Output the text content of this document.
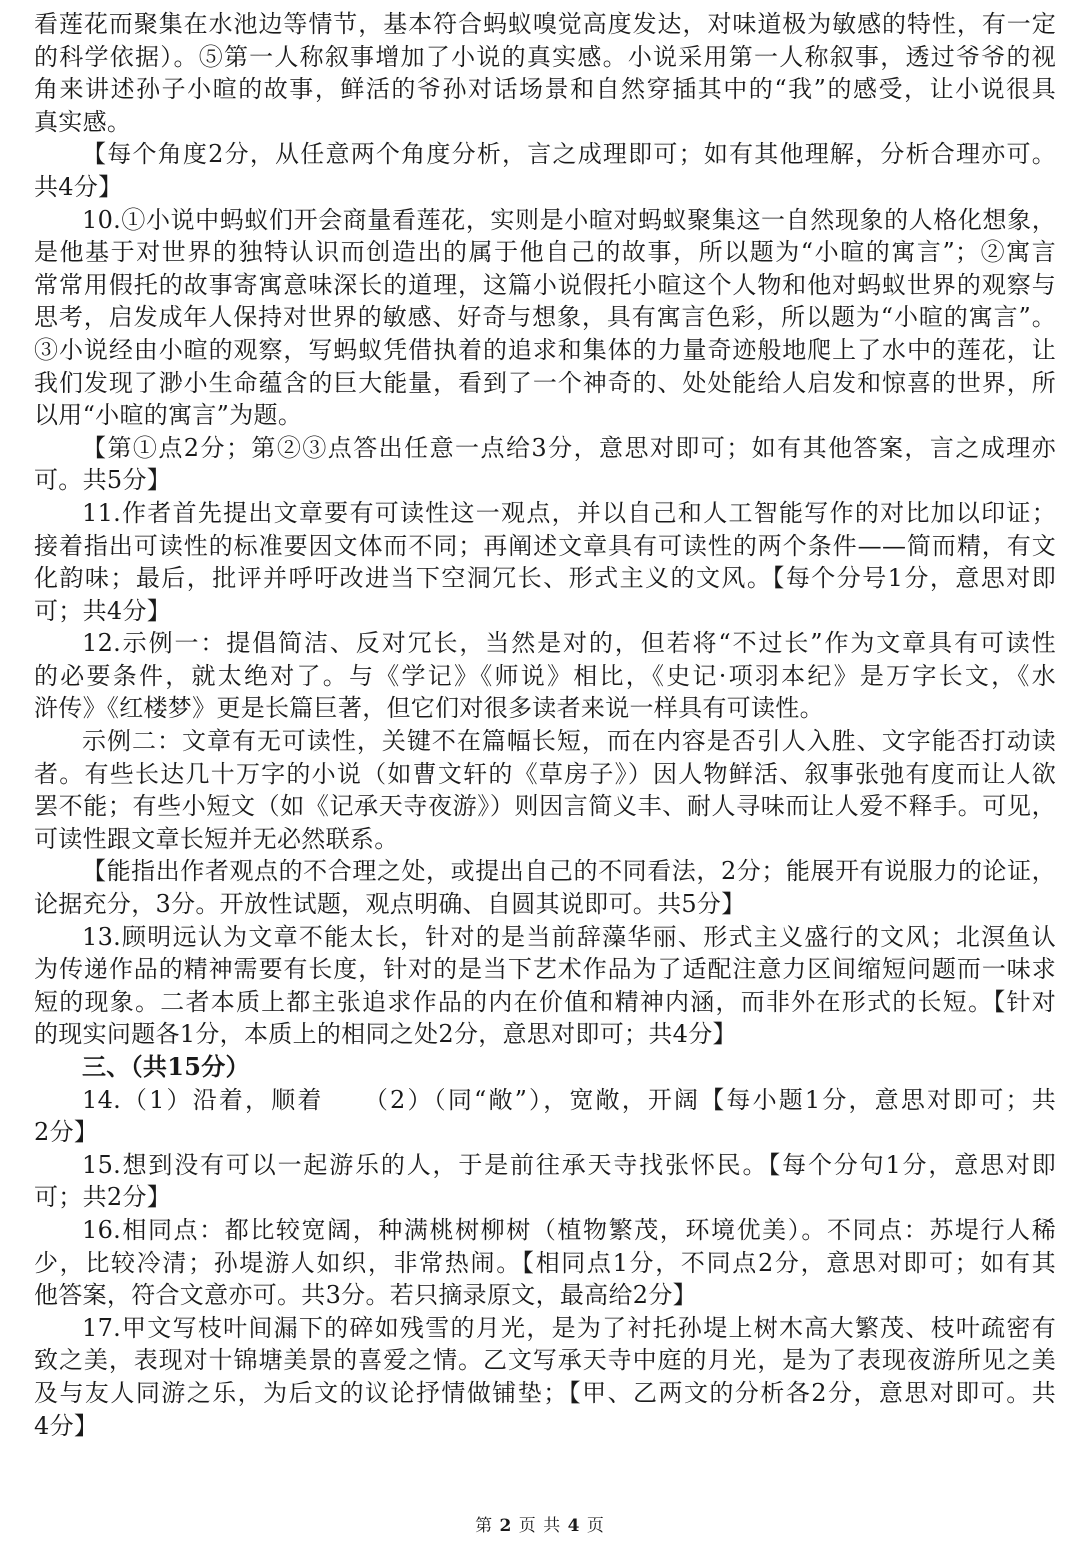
看莲花而聚集在水池边等情节，基本符合蚂蚁嗅觉高度发达，对味道极为敏感的特性，有一定
的科学依据）。⑤第一人称叙事增加了小说的真实感。小说采用第一人称叙事，透过爷爷的视
角来讲述孙子小暄的故事，鲜活的爷孙对话场景和自然穿插其中的“我”的感受，让小说很具
真实感。
【每个角度2分，从任意两个角度分析，言之成理即可；如有其他理解，分析合理亦可。
共4分】
10.①小说中蚂蚁们开会商量看莲花，实则是小暄对蚂蚁聚集这一自然现象的人格化想象，
是他基于对世界的独特认识而创造出的属于他自己的故事，所以题为“小暄的寓言”；②寓言
常常用假托的故事寄寓意味深长的道理，这篇小说假托小暄这个人物和他对蚂蚁世界的观察与
思考，启发成年人保持对世界的敏感、好奇与想象，具有寓言色彩，所以题为“小暄的寓言”。
③小说经由小暄的观察，写蚂蚁凭借执着的追求和集体的力量奇迹般地爬上了水中的莲花，让
我们发现了渺小生命蕴含的巨大能量，看到了一个神奇的、处处能给人启发和惊喜的世界，所
以用“小暄的寓言”为题。
【第①点2分；第②③点答出任意一点给3分，意思对即可；如有其他答案，言之成理亦
可。共5分】
11.作者首先提出文章要有可读性这一观点，并以自己和人工智能写作的对比加以印证；
接着指出可读性的标准要因文体而不同；再阐述文章具有可读性的两个条件——简而精，有文
化韵味；最后，批评并呼吁改进当下空洞冗长、形式主义的文风。【每个分号1分，意思对即
可；共4分】
12.示例一：提倡简洁、反对冗长，当然是对的，但若将“不过长”作为文章具有可读性
的必要条件，就太绝对了。与《学记》《师说》相比，《史记·项羽本纪》是万字长文，《水
浒传》《红楼梦》更是长篇巨著，但它们对很多读者来说一样具有可读性。
示例二：文章有无可读性，关键不在篇幅长短，而在内容是否引人入胜、文字能否打动读
者。有些长达几十万字的小说（如曹文轩的《草房子》）因人物鲜活、叙事张弛有度而让人欲
罢不能；有些小短文（如《记承天寺夜游》）则因言简义丰、耐人寻味而让人爱不释手。可见，
可读性跟文章长短并无必然联系。
【能指出作者观点的不合理之处，或提出自己的不同看法，2分；能展开有说服力的论证，
论据充分，3分。开放性试题，观点明确、自圆其说即可。共5分】
13.顾明远认为文章不能太长，针对的是当前辞藻华丽、形式主义盛行的文风；北溟鱼认
为传递作品的精神需要有长度，针对的是当下艺术作品为了适配注意力区间缩短问题而一味求
短的现象。二者本质上都主张追求作品的内在价值和精神内涵，而非外在形式的长短。【针对
的现实问题各1分，本质上的相同之处2分，意思对即可；共4分】
三、（共15分）
14.（1）沿着，顺着　　（2）（同“敞”），宽敞，开阔【每小题1分，意思对即可；共
2分】
15.想到没有可以一起游乐的人，于是前往承天寺找张怀民。【每个分句1分，意思对即
可；共2分】
16.相同点：都比较宽阔，种满桃树柳树（植物繁茂，环境优美）。不同点：苏堤行人稀
少，比较冷清；孙堤游人如织，非常热闹。【相同点1分，不同点2分，意思对即可；如有其
他答案，符合文意亦可。共3分。若只摘录原文，最高给2分】
17.甲文写枝叶间漏下的碎如残雪的月光，是为了衬托孙堤上树木高大繁茂、枝叶疏密有
致之美，表现对十锦塘美景的喜爱之情。乙文写承天寺中庭的月光，是为了表现夜游所见之美
及与友人同游之乐，为后文的议论抒情做铺垫；【甲、乙两文的分析各2分，意思对即可。共
4分】
第 2 页 共 4 页
